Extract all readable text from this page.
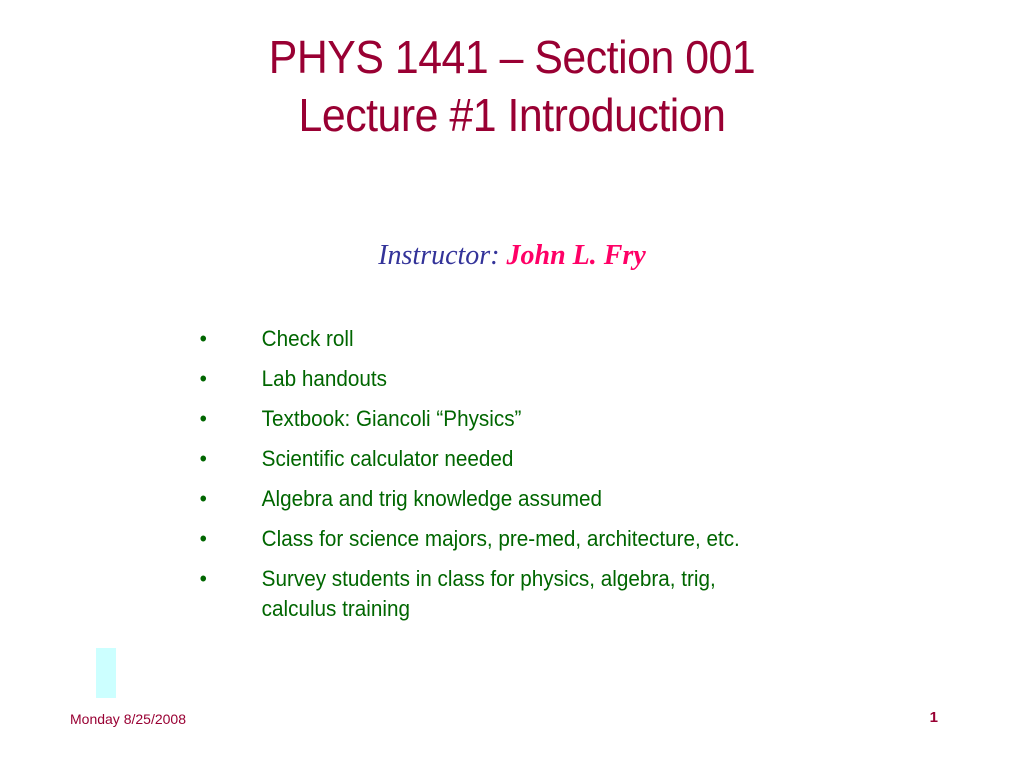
PHYS 1441 – Section 001
Lecture #1 Introduction
Instructor: John L. Fry
• Check roll
• Lab handouts
• Textbook: Giancoli “Physics”
• Scientific calculator needed
• Algebra and trig knowledge assumed
• Class for science majors, pre-med, architecture, etc.
• Survey students in class for physics, algebra, trig, calculus training
Monday 8/25/2008	1
